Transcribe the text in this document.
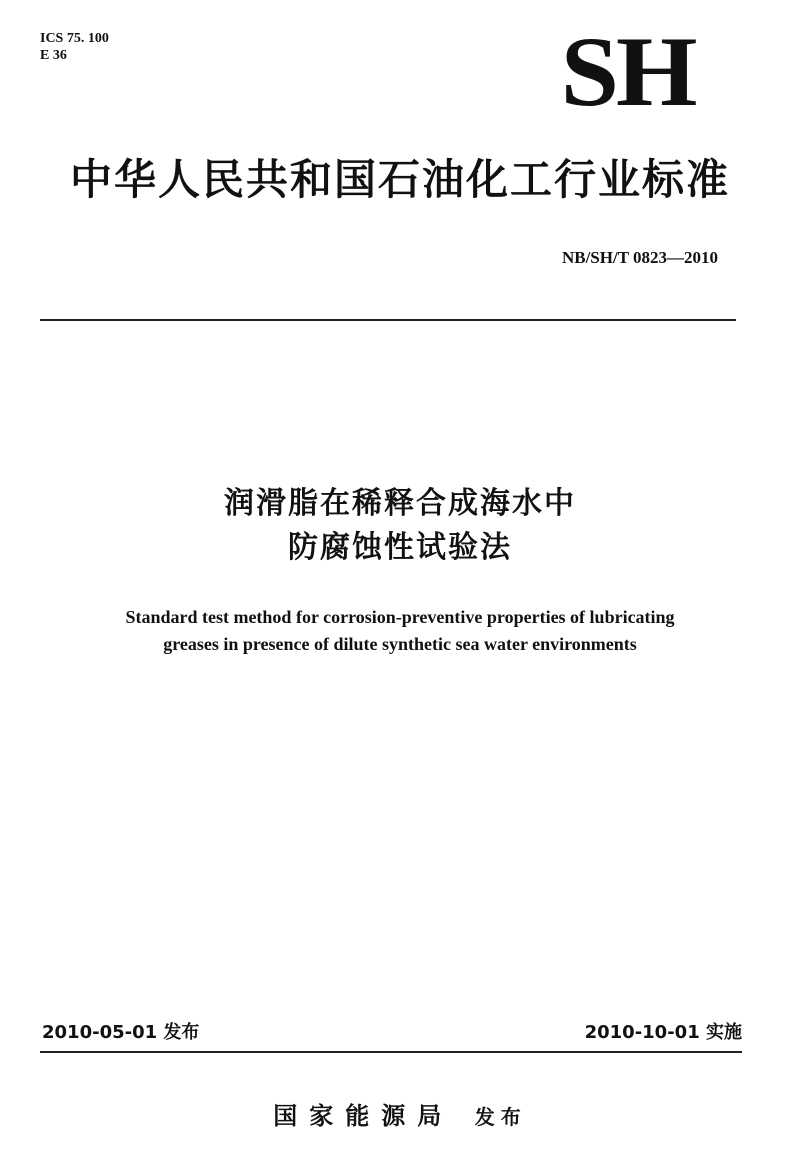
ICS 75. 100
E 36	SH
中华人民共和国石油化工行业标准
NB/SH/T 0823—2010
润滑脂在稀释合成海水中
防腐蚀性试验法
Standard test method for corrosion-preventive properties of lubricating
greases in presence of dilute synthetic sea water environments
2010-05-01 发布	2010-10-01 实施
国家能源局 发布
